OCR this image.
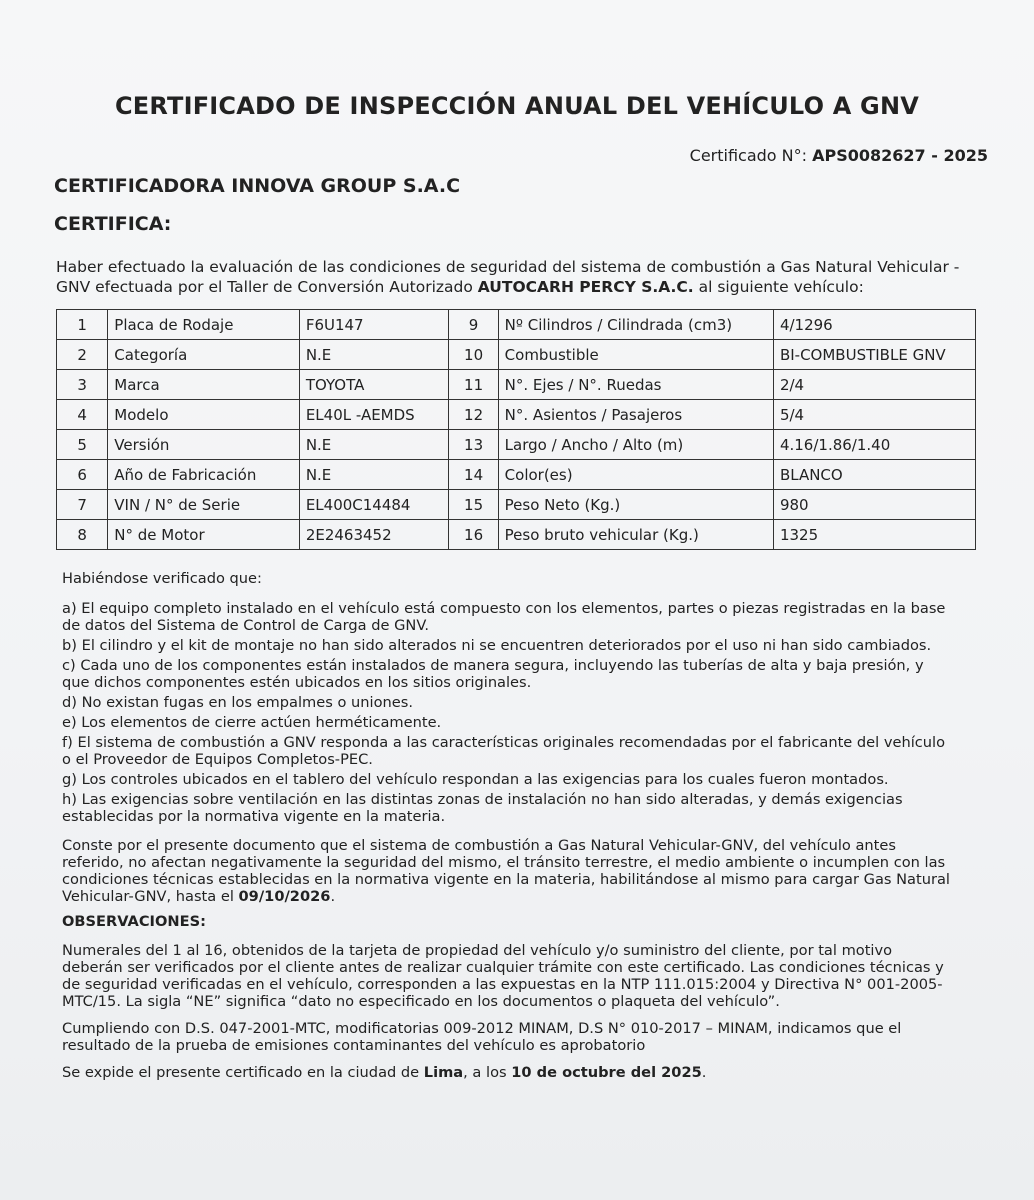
CERTIFICADO DE INSPECCIÓN ANUAL DEL VEHÍCULO A GNV
Certificado N°: APS0082627 - 2025
CERTIFICADORA INNOVA GROUP S.A.C
CERTIFICA:
Haber efectuado la evaluación de las condiciones de seguridad del sistema de combustión a Gas Natural Vehicular - GNV efectuada por el Taller de Conversión Autorizado AUTOCARH PERCY S.A.C. al siguiente vehículo:
1	Placa de Rodaje	F6U147	9	Nº Cilindros / Cilindrada (cm3)	4/1296
2	Categoría	N.E	10	Combustible	BI-COMBUSTIBLE GNV
3	Marca	TOYOTA	11	N°. Ejes / N°. Ruedas	2/4
4	Modelo	EL40L -AEMDS	12	N°. Asientos / Pasajeros	5/4
5	Versión	N.E	13	Largo / Ancho / Alto (m)	4.16/1.86/1.40
6	Año de Fabricación	N.E	14	Color(es)	BLANCO
7	VIN / N° de Serie	EL400C14484	15	Peso Neto (Kg.)	980
8	N° de Motor	2E2463452	16	Peso bruto vehicular (Kg.)	1325

Habiéndose verificado que:

a) El equipo completo instalado en el vehículo está compuesto con los elementos, partes o piezas registradas en la base de datos del Sistema de Control de Carga de GNV.

b) El cilindro y el kit de montaje no han sido alterados ni se encuentren deteriorados por el uso ni han sido cambiados.

c) Cada uno de los componentes están instalados de manera segura, incluyendo las tuberías de alta y baja presión, y que dichos componentes estén ubicados en los sitios originales.

d) No existan fugas en los empalmes o uniones.

e) Los elementos de cierre actúen herméticamente.

f) El sistema de combustión a GNV responda a las características originales recomendadas por el fabricante del vehículo o el Proveedor de Equipos Completos-PEC.

g) Los controles ubicados en el tablero del vehículo respondan a las exigencias para los cuales fueron montados.

h) Las exigencias sobre ventilación en las distintas zonas de instalación no han sido alteradas, y demás exigencias establecidas por la normativa vigente en la materia.

Conste por el presente documento que el sistema de combustión a Gas Natural Vehicular-GNV, del vehículo antes referido, no afectan negativamente la seguridad del mismo, el tránsito terrestre, el medio ambiente o incumplen con las condiciones técnicas establecidas en la normativa vigente en la materia, habilitándose al mismo para cargar Gas Natural Vehicular-GNV, hasta el 09/10/2026.

OBSERVACIONES:

Numerales del 1 al 16, obtenidos de la tarjeta de propiedad del vehículo y/o suministro del cliente, por tal motivo deberán ser verificados por el cliente antes de realizar cualquier trámite con este certificado. Las condiciones técnicas y de seguridad verificadas en el vehículo, corresponden a las expuestas en la NTP 111.015:2004 y Directiva N° 001-2005-MTC/15. La sigla “NE” significa “dato no especificado en los documentos o plaqueta del vehículo”.

Cumpliendo con D.S. 047-2001-MTC, modificatorias 009-2012 MINAM, D.S N° 010-2017 – MINAM, indicamos que el resultado de la prueba de emisiones contaminantes del vehículo es aprobatorio

Se expide el presente certificado en la ciudad de Lima, a los 10 de octubre del 2025.
